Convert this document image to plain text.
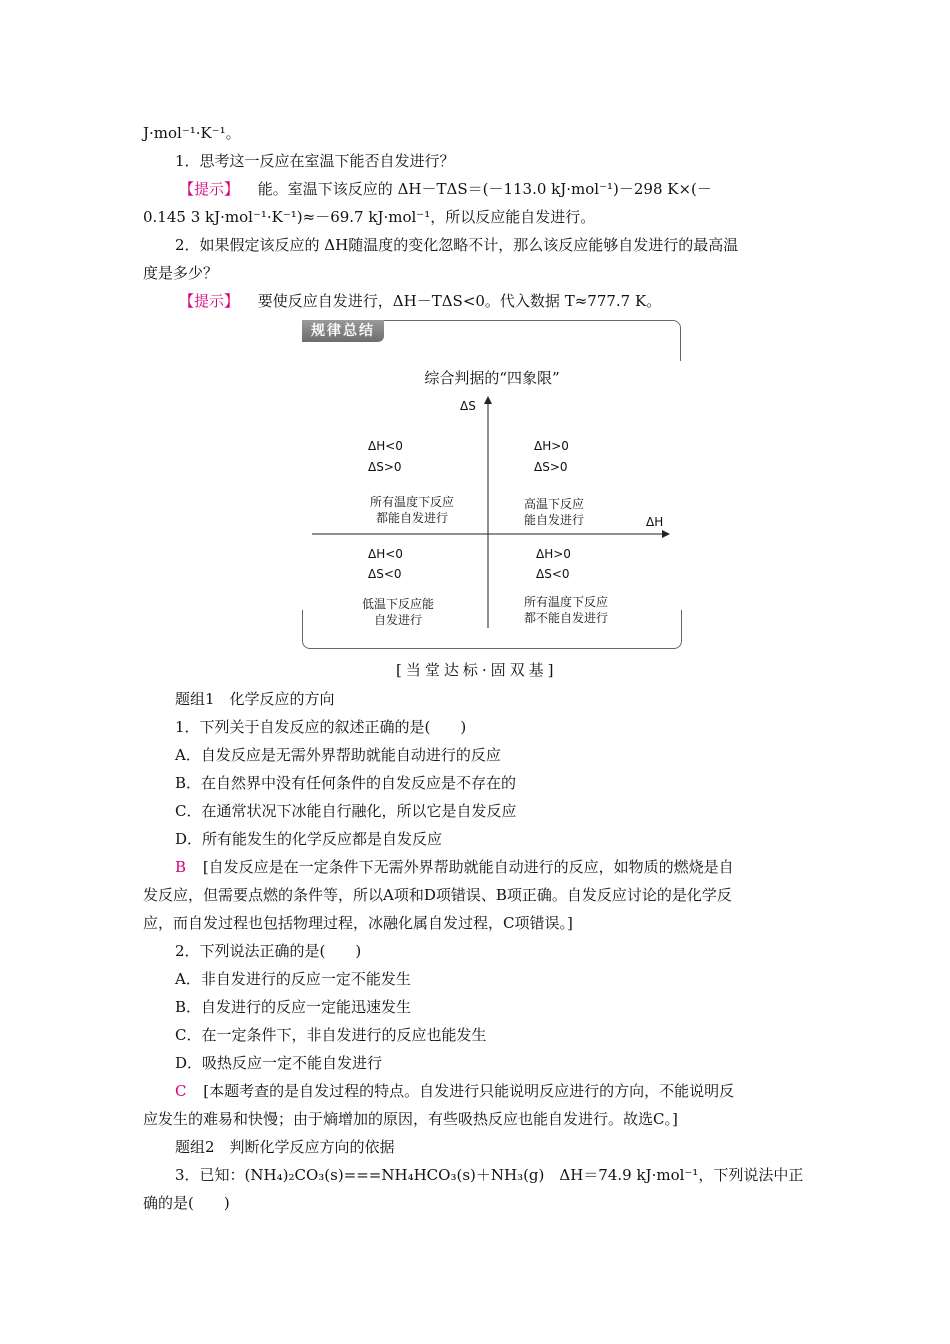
J·mol⁻¹·K⁻¹。
1．思考这一反应在室温下能否自发进行？
【提示】 能。室温下该反应的 ΔH－TΔS＝(－113.0 kJ·mol⁻¹)－298 K×(－
0.145 3 kJ·mol⁻¹·K⁻¹)≈－69.7 kJ·mol⁻¹，所以反应能自发进行。
2．如果假定该反应的 ΔH随温度的变化忽略不计，那么该反应能够自发进行的最高温
度是多少？
【提示】 要使反应自发进行，ΔH－TΔS<0。代入数据 T≈777.7 K。
规律总结
综合判据的“四象限”
ΔS
ΔH
ΔH<0
ΔS>0
所有温度下反应
都能自发进行
ΔH>0
ΔS>0
高温下反应
能自发进行
ΔH<0
ΔS<0
低温下反应能
自发进行
ΔH>0
ΔS<0
所有温度下反应
都不能自发进行
[当堂达标·固双基]
题组1　化学反应的方向
1．下列关于自发反应的叙述正确的是(　　)
A．自发反应是无需外界帮助就能自动进行的反应
B．在自然界中没有任何条件的自发反应是不存在的
C．在通常状况下冰能自行融化，所以它是自发反应
D．所有能发生的化学反应都是自发反应
B [自发反应是在一定条件下无需外界帮助就能自动进行的反应，如物质的燃烧是自
发反应，但需要点燃的条件等，所以A项和D项错误、B项正确。自发反应讨论的是化学反
应，而自发过程也包括物理过程，冰融化属自发过程，C项错误。]
2．下列说法正确的是(　　)
A．非自发进行的反应一定不能发生
B．自发进行的反应一定能迅速发生
C．在一定条件下，非自发进行的反应也能发生
D．吸热反应一定不能自发进行
C [本题考查的是自发过程的特点。自发进行只能说明反应进行的方向，不能说明反
应发生的难易和快慢；由于熵增加的原因，有些吸热反应也能自发进行。故选C。]
题组2　判断化学反应方向的依据
3．已知：(NH₄)₂CO₃(s)===NH₄HCO₃(s)＋NH₃(g)　ΔH＝74.9 kJ·mol⁻¹，下列说法中正
确的是(　　)
